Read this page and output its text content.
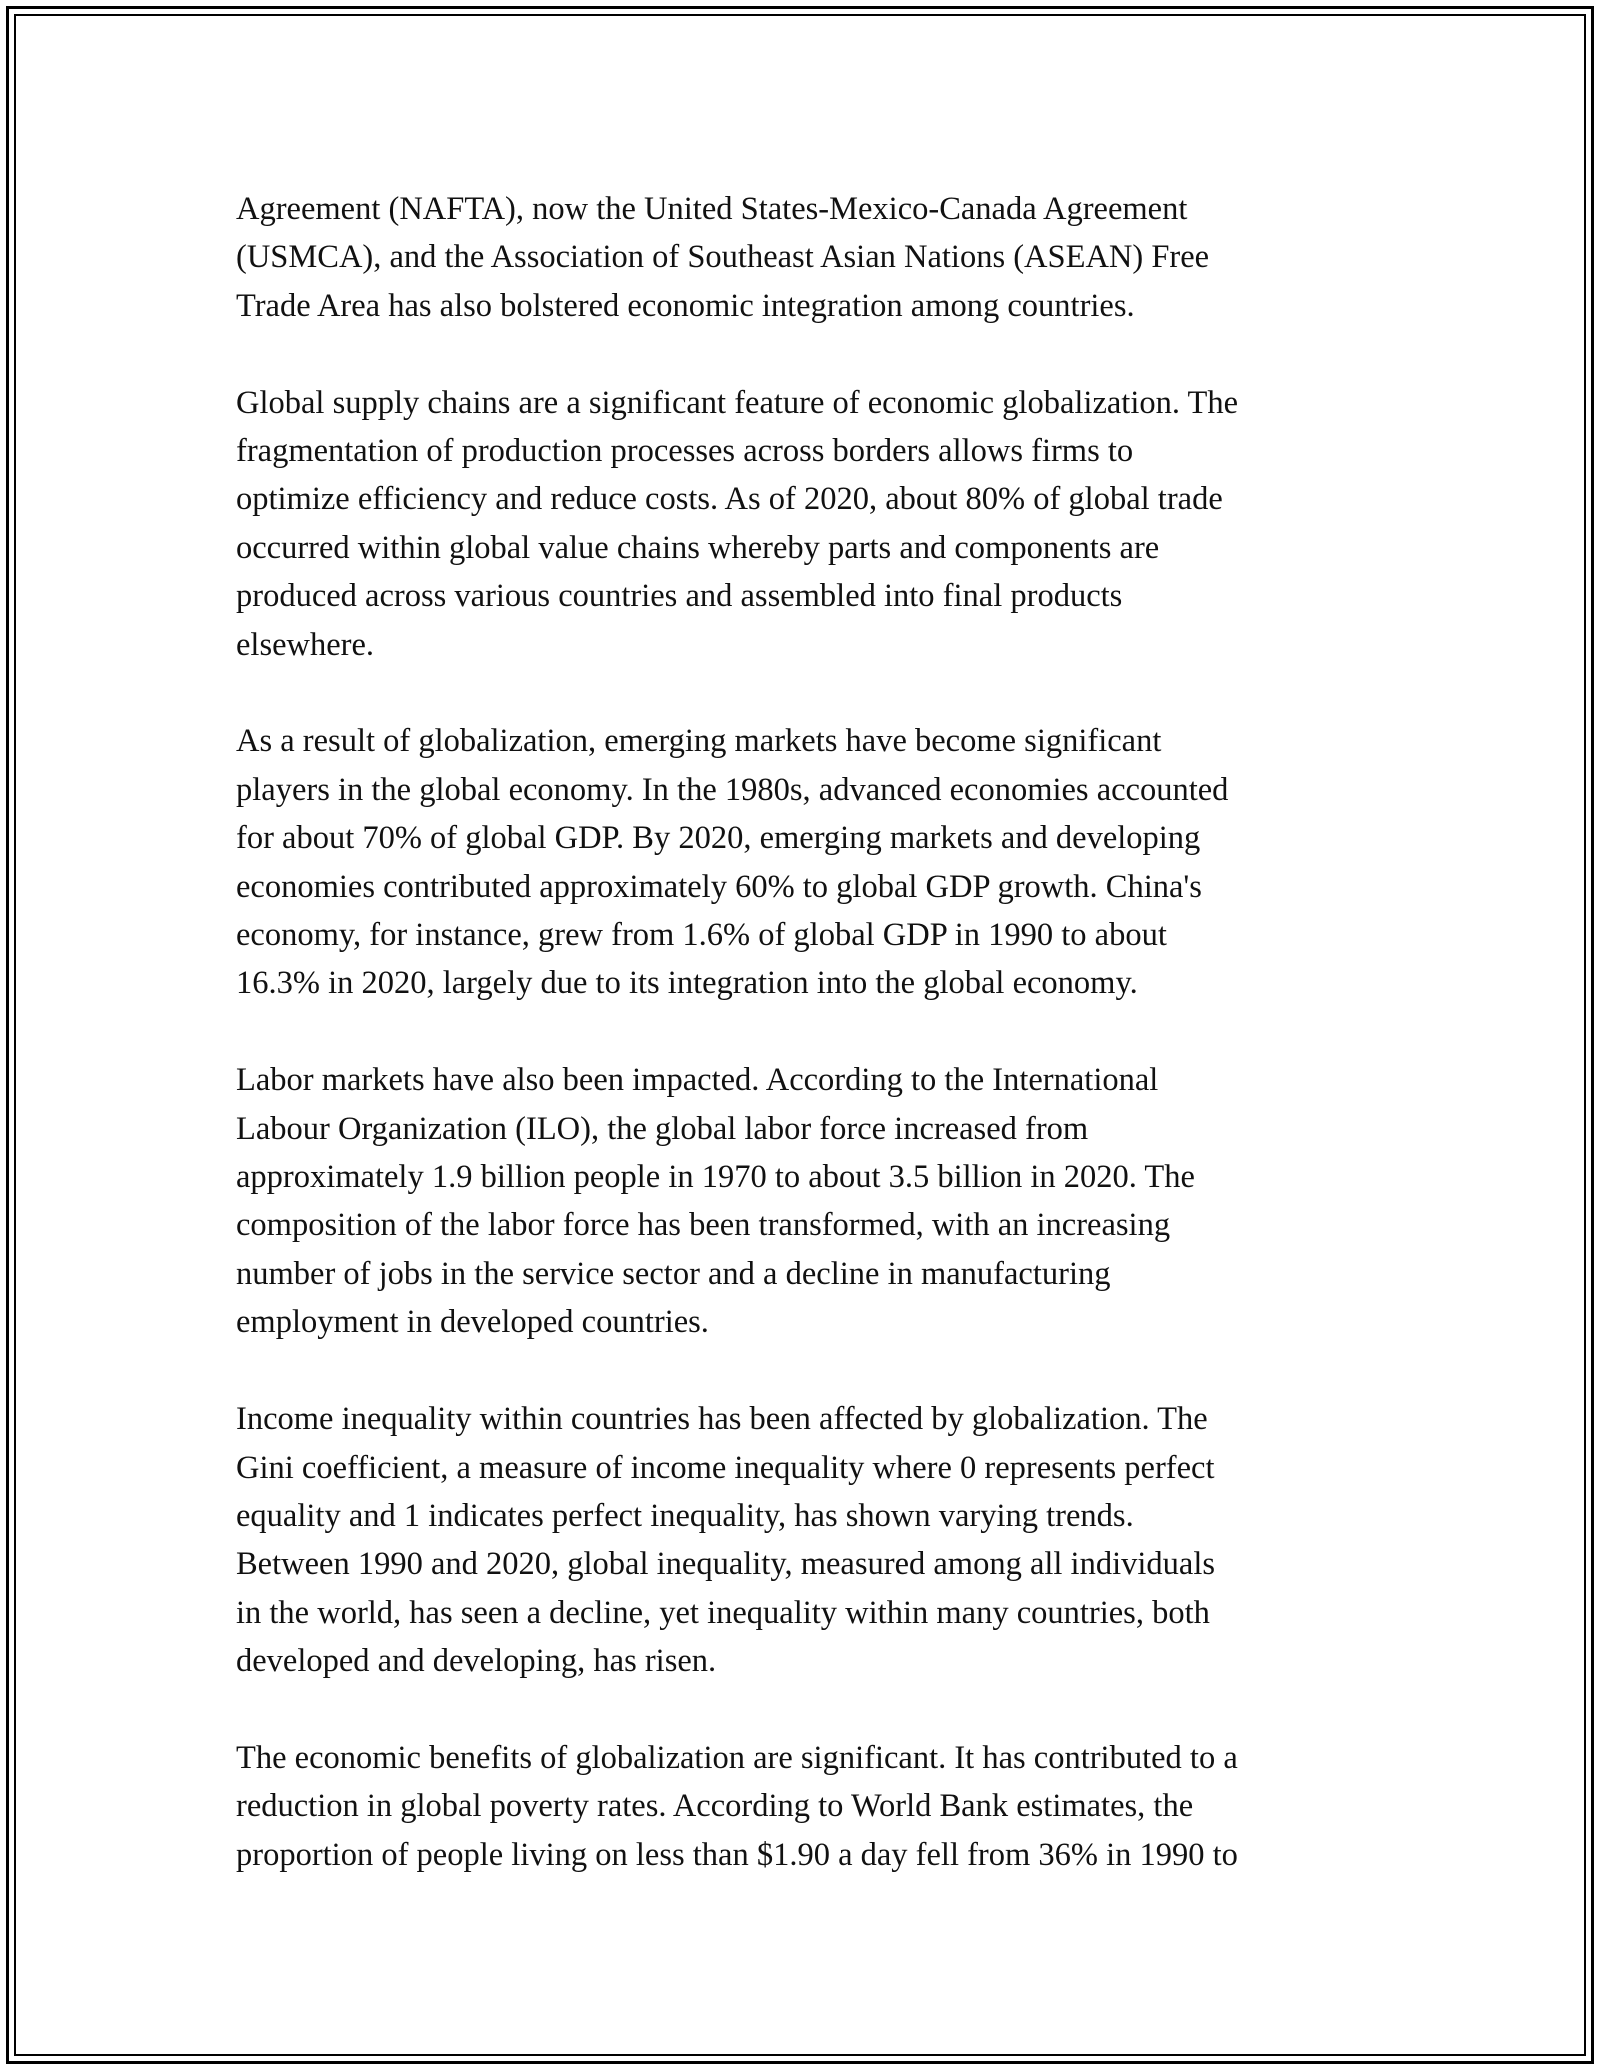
Agreement (NAFTA), now the United States-Mexico-Canada Agreement
(USMCA), and the Association of Southeast Asian Nations (ASEAN) Free
Trade Area has also bolstered economic integration among countries.

Global supply chains are a significant feature of economic globalization. The
fragmentation of production processes across borders allows firms to
optimize efficiency and reduce costs. As of 2020, about 80% of global trade
occurred within global value chains whereby parts and components are
produced across various countries and assembled into final products
elsewhere.

As a result of globalization, emerging markets have become significant
players in the global economy. In the 1980s, advanced economies accounted
for about 70% of global GDP. By 2020, emerging markets and developing
economies contributed approximately 60% to global GDP growth. China's
economy, for instance, grew from 1.6% of global GDP in 1990 to about
16.3% in 2020, largely due to its integration into the global economy.

Labor markets have also been impacted. According to the International
Labour Organization (ILO), the global labor force increased from
approximately 1.9 billion people in 1970 to about 3.5 billion in 2020. The
composition of the labor force has been transformed, with an increasing
number of jobs in the service sector and a decline in manufacturing
employment in developed countries.

Income inequality within countries has been affected by globalization. The
Gini coefficient, a measure of income inequality where 0 represents perfect
equality and 1 indicates perfect inequality, has shown varying trends.
Between 1990 and 2020, global inequality, measured among all individuals
in the world, has seen a decline, yet inequality within many countries, both
developed and developing, has risen.

The economic benefits of globalization are significant. It has contributed to a
reduction in global poverty rates. According to World Bank estimates, the
proportion of people living on less than $1.90 a day fell from 36% in 1990 to
